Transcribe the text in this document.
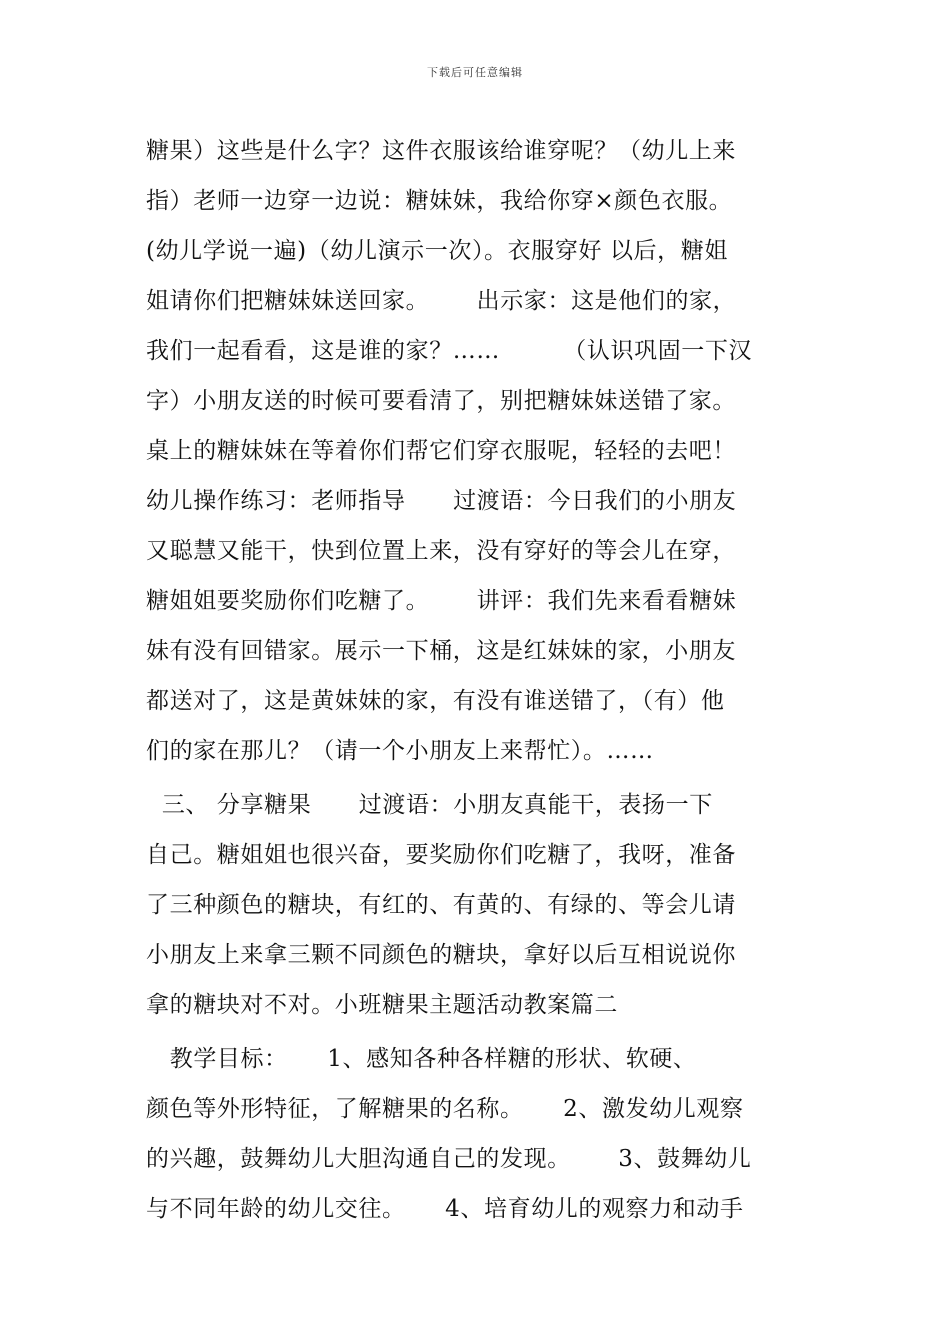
下载后可任意编辑
糖果）这些是什么字？这件衣服该给谁穿呢？（幼儿上来
指）老师一边穿一边说：糖妹妹，我给你穿×颜色衣服。
(幼儿学说一遍)（幼儿演示一次）。衣服穿好 以后，糖姐
姐请你们把糖妹妹送回家。      出示家：这是他们的家，
我们一起看看，这是谁的家？……        （认识巩固一下汉
字）小朋友送的时候可要看清了，别把糖妹妹送错了家。
桌上的糖妹妹在等着你们帮它们穿衣服呢，轻轻的去吧！
幼儿操作练习：老师指导      过渡语：今日我们的小朋友
又聪慧又能干，快到位置上来，没有穿好的等会儿在穿，
糖姐姐要奖励你们吃糖了。      讲评：我们先来看看糖妹
妹有没有回错家。展示一下桶，这是红妹妹的家，小朋友
都送对了，这是黄妹妹的家，有没有谁送错了，（有）他
们的家在那儿？（请一个小朋友上来帮忙）。……
三、 分享糖果      过渡语：小朋友真能干，表扬一下
自己。糖姐姐也很兴奋，要奖励你们吃糖了，我呀，准备
了三种颜色的糖块，有红的、有黄的、有绿的、等会儿请
小朋友上来拿三颗不同颜色的糖块，拿好以后互相说说你
拿的糖块对不对。小班糖果主题活动教案篇二
教学目标：     1、感知各种各样糖的形状、软硬、
颜色等外形特征，了解糖果的名称。     2、激发幼儿观察
的兴趣，鼓舞幼儿大胆沟通自己的发现。      3、鼓舞幼儿
与不同年龄的幼儿交往。     4、培育幼儿的观察力和动手
